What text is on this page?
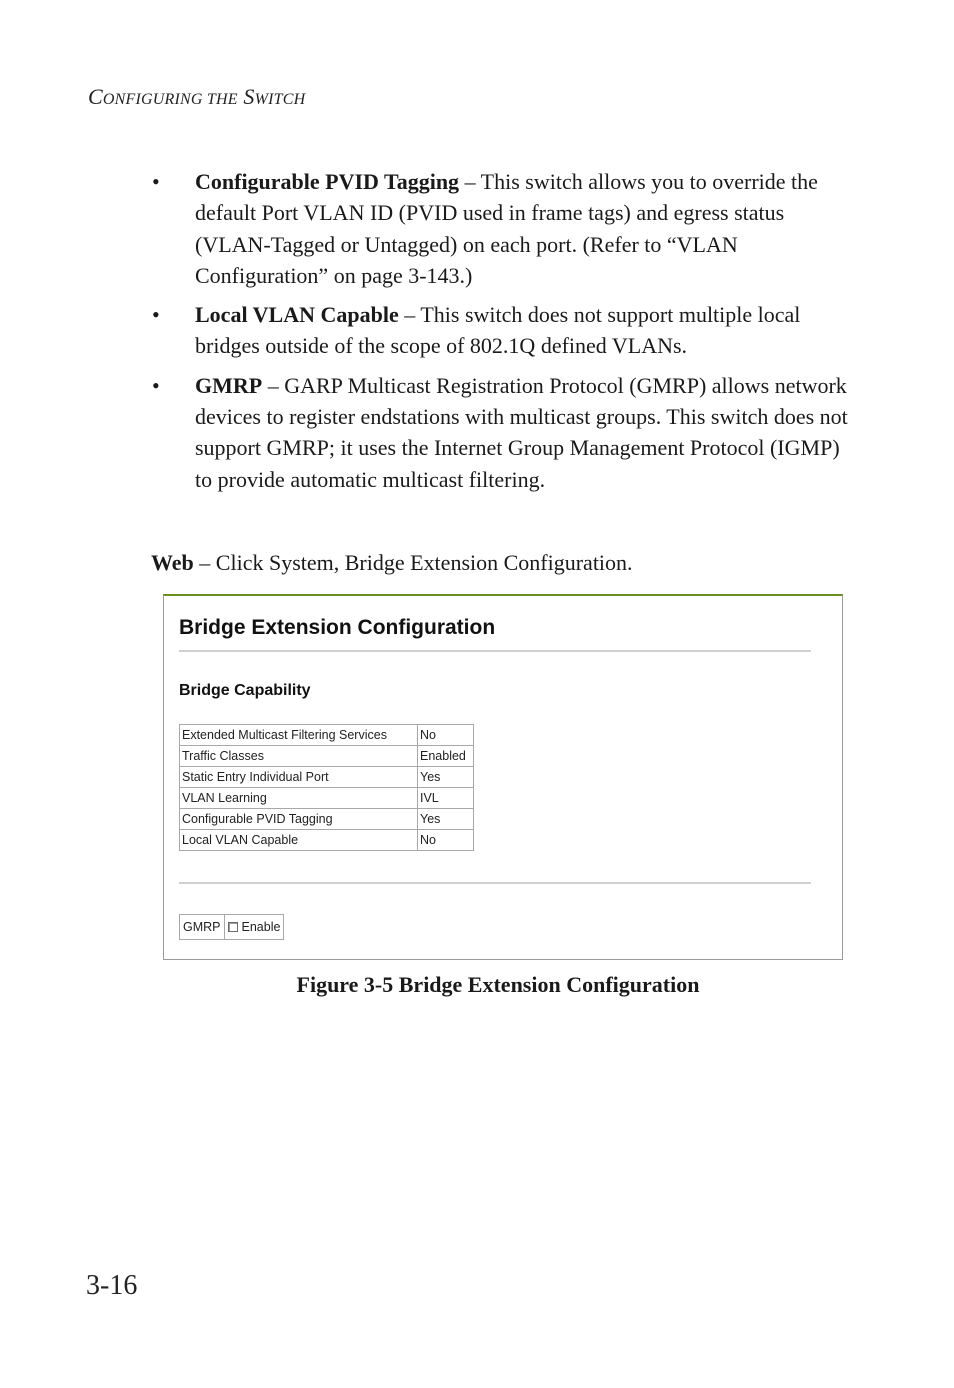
CONFIGURING THE SWITCH
• Configurable PVID Tagging – This switch allows you to override the default Port VLAN ID (PVID used in frame tags) and egress status (VLAN-Tagged or Untagged) on each port. (Refer to “VLAN Configuration” on page 3-143.)
• Local VLAN Capable – This switch does not support multiple local bridges outside of the scope of 802.1Q defined VLANs.
• GMRP – GARP Multicast Registration Protocol (GMRP) allows network devices to register endstations with multicast groups. This switch does not support GMRP; it uses the Internet Group Management Protocol (IGMP) to provide automatic multicast filtering.
Web – Click System, Bridge Extension Configuration.
Bridge Extension Configuration
Bridge Capability
Extended Multicast Filtering Services	No
Traffic Classes	Enabled
Static Entry Individual Port	Yes
VLAN Learning	IVL
Configurable PVID Tagging	Yes
Local VLAN Capable	No
GMRP	Enable
Figure 3-5 Bridge Extension Configuration
3-16
